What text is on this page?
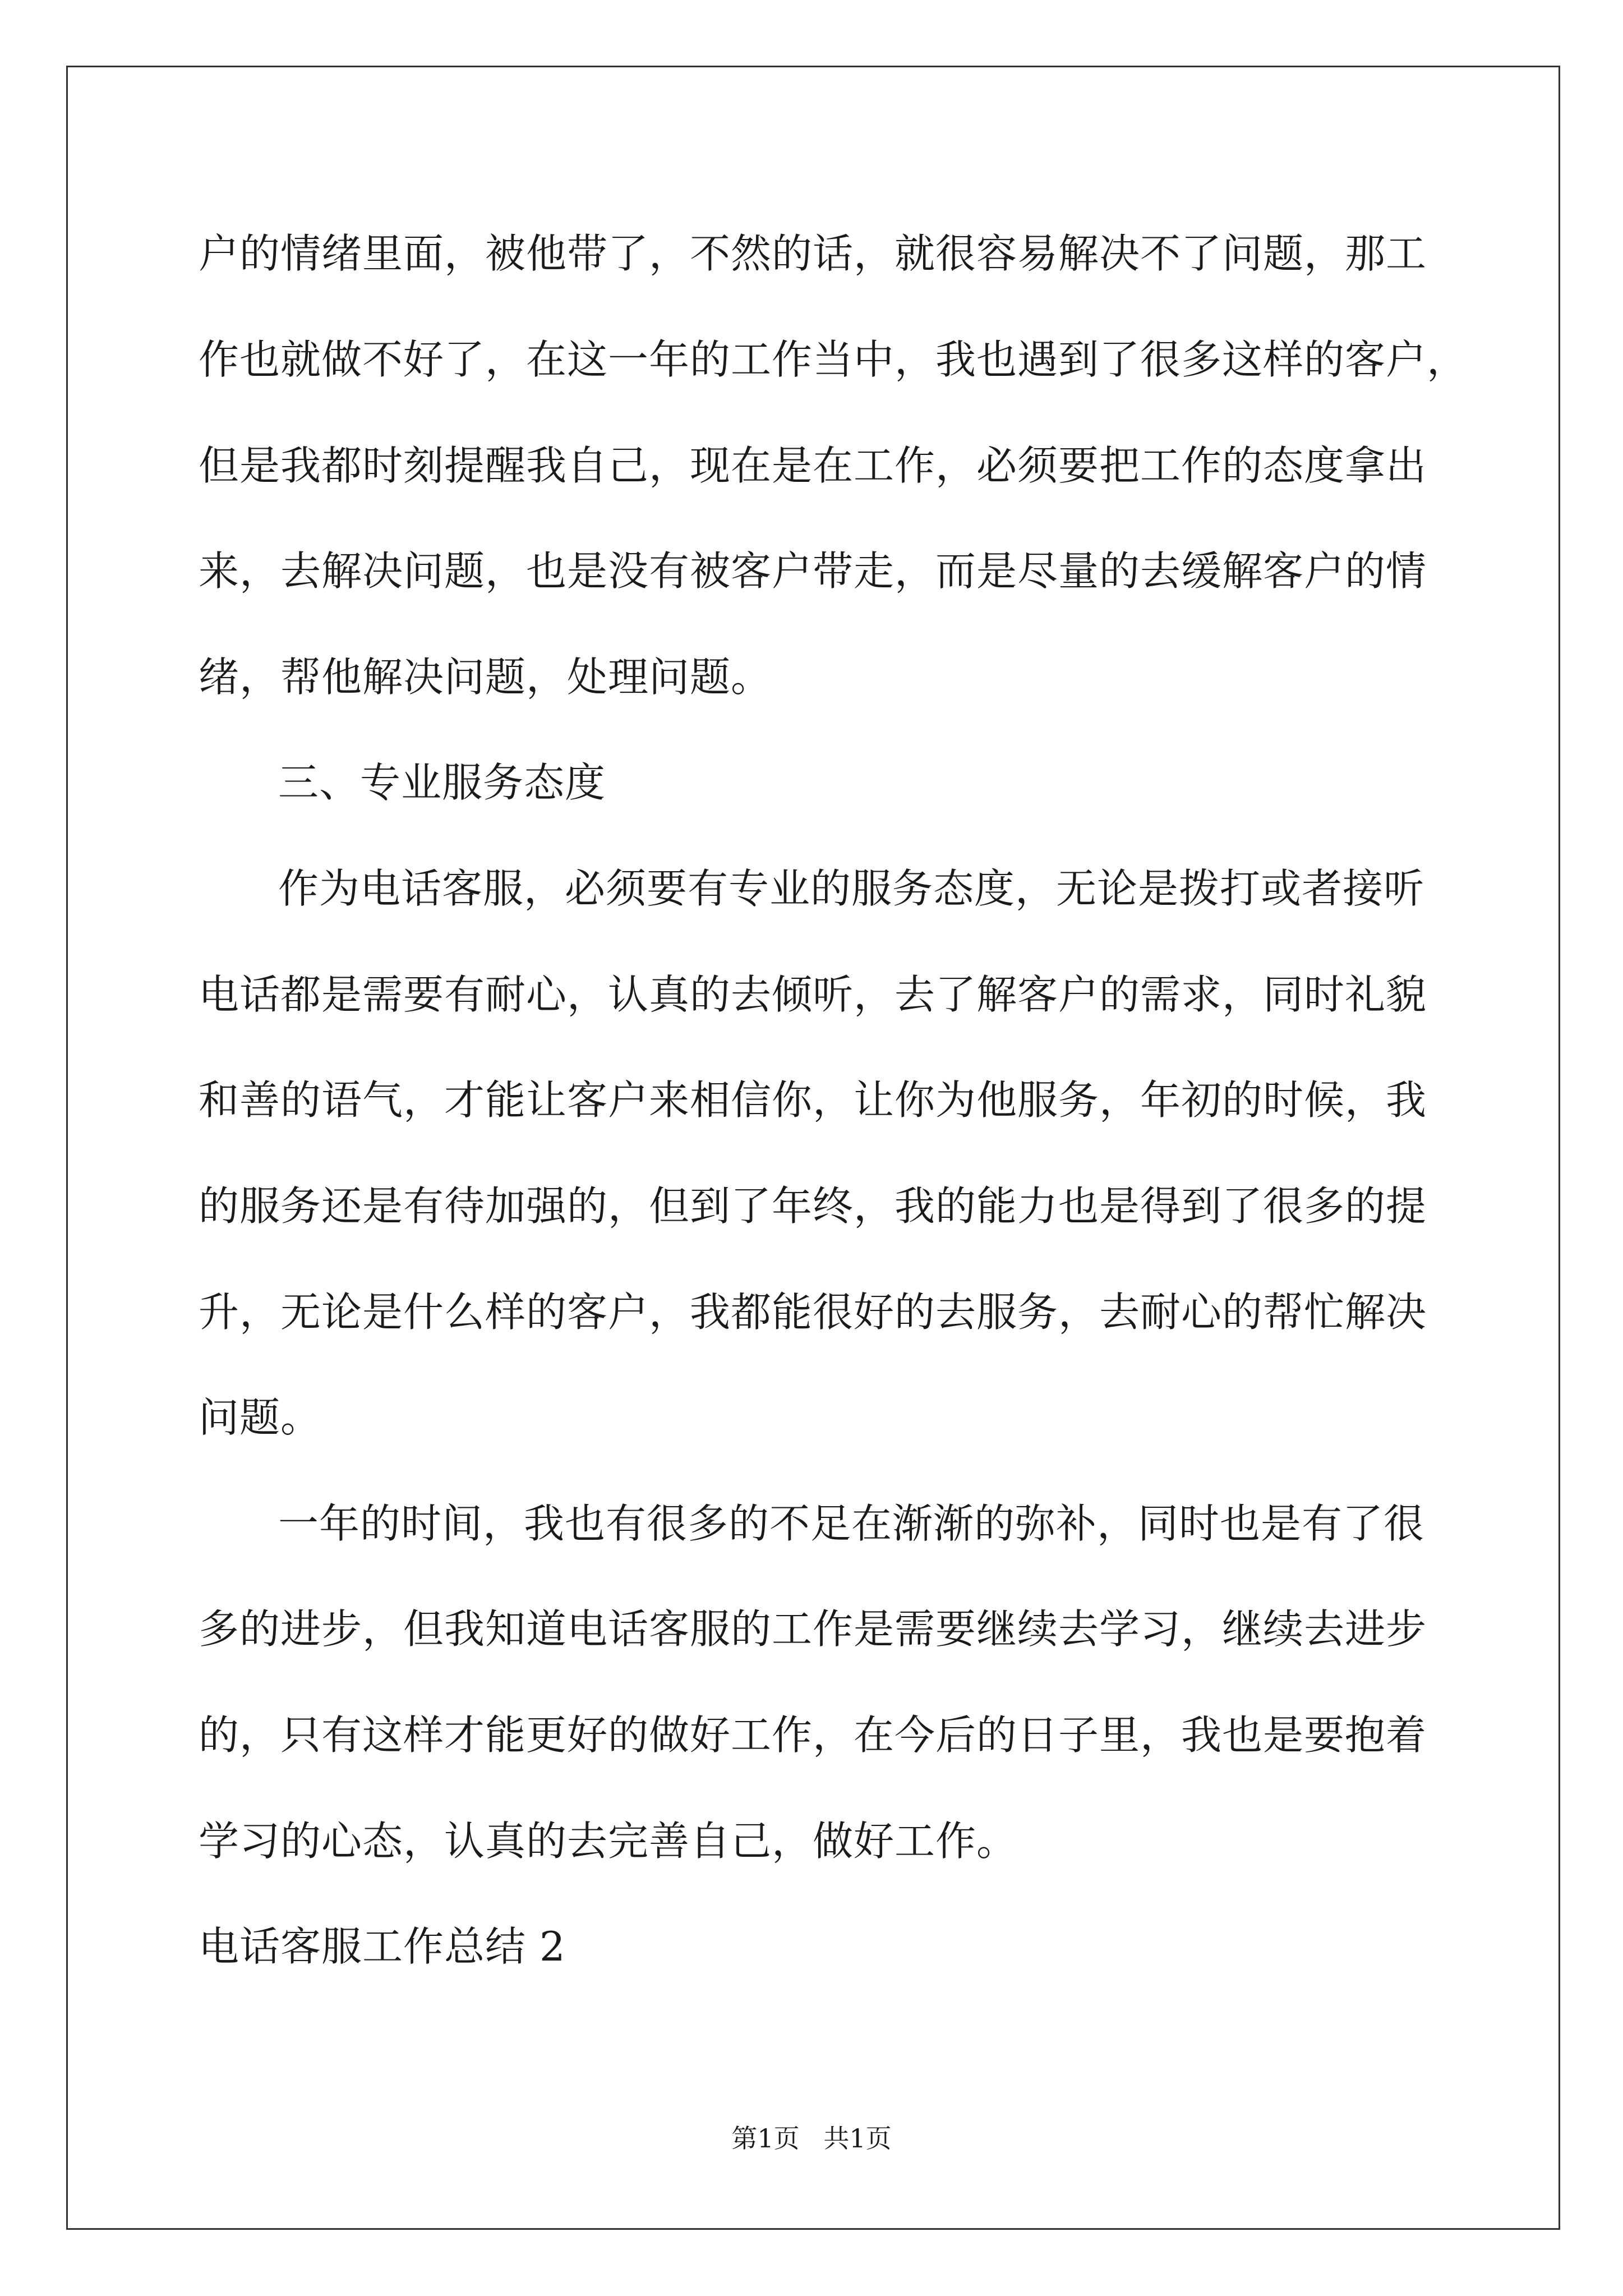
户的情绪里面，被他带了，不然的话，就很容易解决不了问题，那工
作也就做不好了，在这一年的工作当中，我也遇到了很多这样的客户，
但是我都时刻提醒我自己，现在是在工作，必须要把工作的态度拿出
来，去解决问题，也是没有被客户带走，而是尽量的去缓解客户的情
绪，帮他解决问题，处理问题。
三、专业服务态度
作为电话客服，必须要有专业的服务态度，无论是拨打或者接听
电话都是需要有耐心，认真的去倾听，去了解客户的需求，同时礼貌
和善的语气，才能让客户来相信你，让你为他服务，年初的时候，我
的服务还是有待加强的，但到了年终，我的能力也是得到了很多的提
升，无论是什么样的客户，我都能很好的去服务，去耐心的帮忙解决
问题。
一年的时间，我也有很多的不足在渐渐的弥补，同时也是有了很
多的进步，但我知道电话客服的工作是需要继续去学习，继续去进步
的，只有这样才能更好的做好工作，在今后的日子里，我也是要抱着
学习的心态，认真的去完善自己，做好工作。
电话客服工作总结 2
第1页 共1页
